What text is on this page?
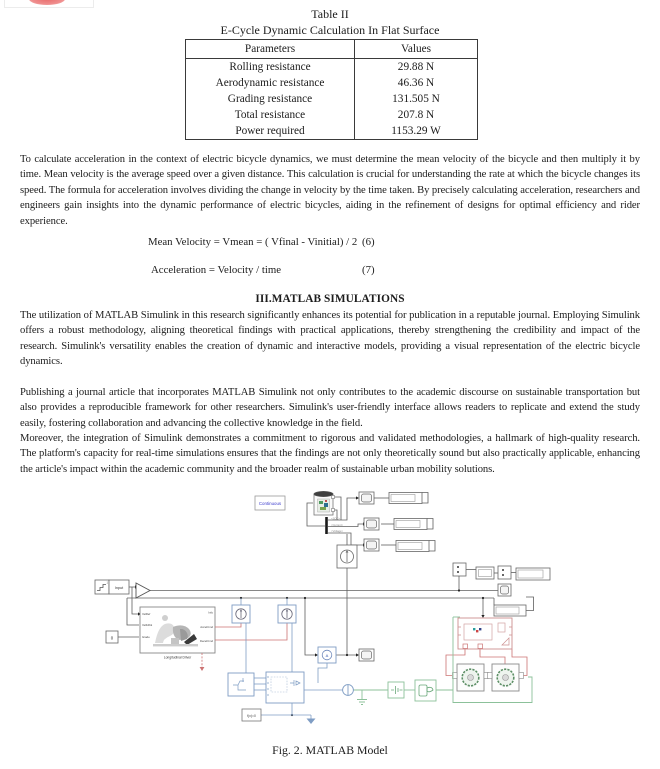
Table II
E-Cycle Dynamic Calculation In Flat Surface
Parameters	Values
Rolling resistance	29.88 N
Aerodynamic resistance	46.36 N
Grading resistance	131.505 N
Total resistance	207.8 N
Power required	1153.29 W
To calculate acceleration in the context of electric bicycle dynamics, we must determine the mean velocity of the bicycle and then multiply it by time. Mean velocity is the average speed over a given distance. This calculation is crucial for understanding the rate at which the bicycle changes its speed. The formula for acceleration involves dividing the change in velocity by the time taken. By precisely calculating acceleration, researchers and engineers gain insights into the dynamic performance of electric bicycles, aiding in the refinement of designs for optimal efficiency and rider experience.
Mean Velocity = Vmean = ( Vfinal - Vinitial) / 2 (6)
Acceleration = Velocity / time	(7)
III.MATLAB SIMULATIONS
The utilization of MATLAB Simulink in this research significantly enhances its potential for publication in a reputable journal. Employing Simulink offers a robust methodology, aligning theoretical findings with practical applications, thereby strengthening the credibility and impact of the research. Simulink's versatility enables the creation of dynamic and interactive models, providing a visual representation of the electric bicycle dynamics.
Publishing a journal article that incorporates MATLAB Simulink not only contributes to the academic discourse on sustainable transportation but also provides a reproducible framework for other researchers. Simulink's user-friendly interface allows readers to replicate and extend the study easily, fostering collaboration and advancing the collective knowledge in the field.
Moreover, the integration of Simulink demonstrates a commitment to rigorous and validated methodologies, a hallmark of high-quality research. The platform's capacity for real-time simulations ensures that the findings are not only theoretically sound but also practically applicable, enhancing the article's impact within the academic community and the broader realm of sustainable urban mobility solutions.
Continuous
<SOC>
<Current>
<Voltage>
Input
1
VelRef
VelFdbk
Grade
Info
AccelCmd
DecelCmd
Longitudinal Driver
0
f(x)=0
A
Fig. 2. MATLAB Model
